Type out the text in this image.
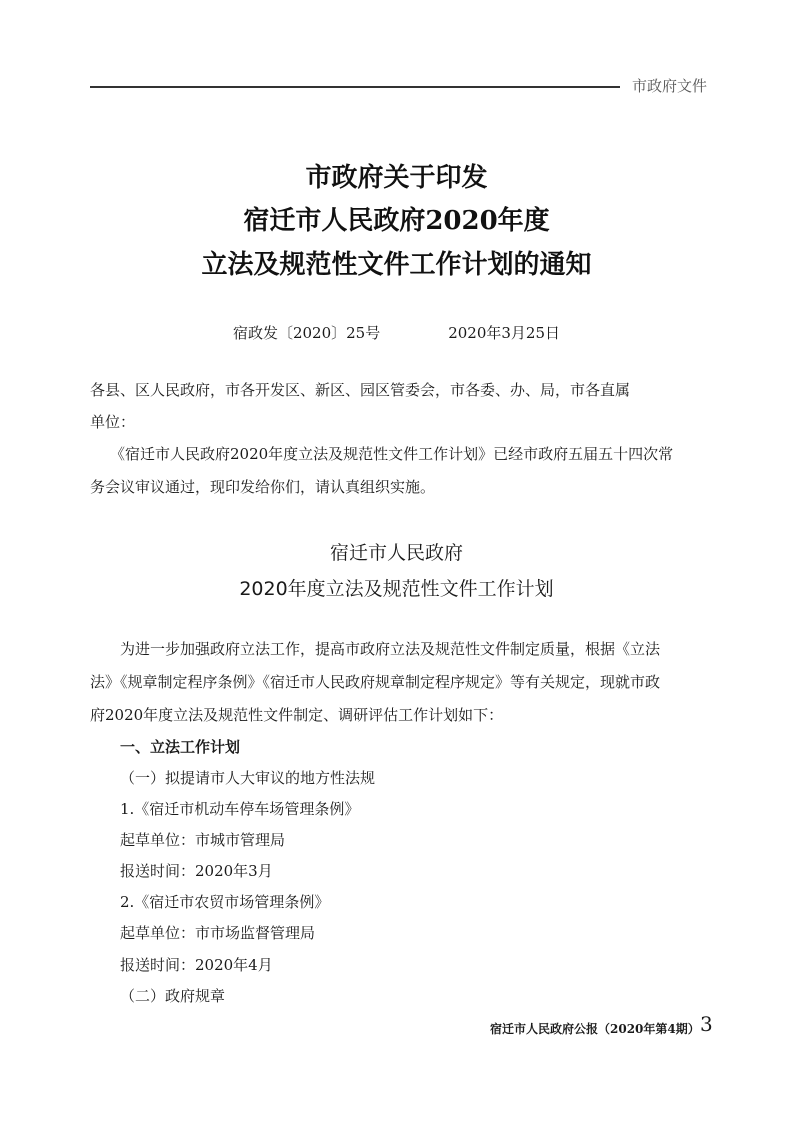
市政府文件
市政府关于印发
宿迁市人民政府2020年度
立法及规范性文件工作计划的通知
宿政发〔2020〕25号	2020年3月25日
各县、区人民政府，市各开发区、新区、园区管委会，市各委、办、局，市各直属
单位：
《宿迁市人民政府2020年度立法及规范性文件工作计划》已经市政府五届五十四次常
务会议审议通过，现印发给你们，请认真组织实施。
宿迁市人民政府
2020年度立法及规范性文件工作计划
为进一步加强政府立法工作，提高市政府立法及规范性文件制定质量，根据《立法
法》《规章制定程序条例》《宿迁市人民政府规章制定程序规定》等有关规定，现就市政
府2020年度立法及规范性文件制定、调研评估工作计划如下：
一、立法工作计划
（一）拟提请市人大审议的地方性法规
1.《宿迁市机动车停车场管理条例》
起草单位：市城市管理局
报送时间：2020年3月
2.《宿迁市农贸市场管理条例》
起草单位：市市场监督管理局
报送时间：2020年4月
（二）政府规章
宿迁市人民政府公报（2020年第4期） 3
